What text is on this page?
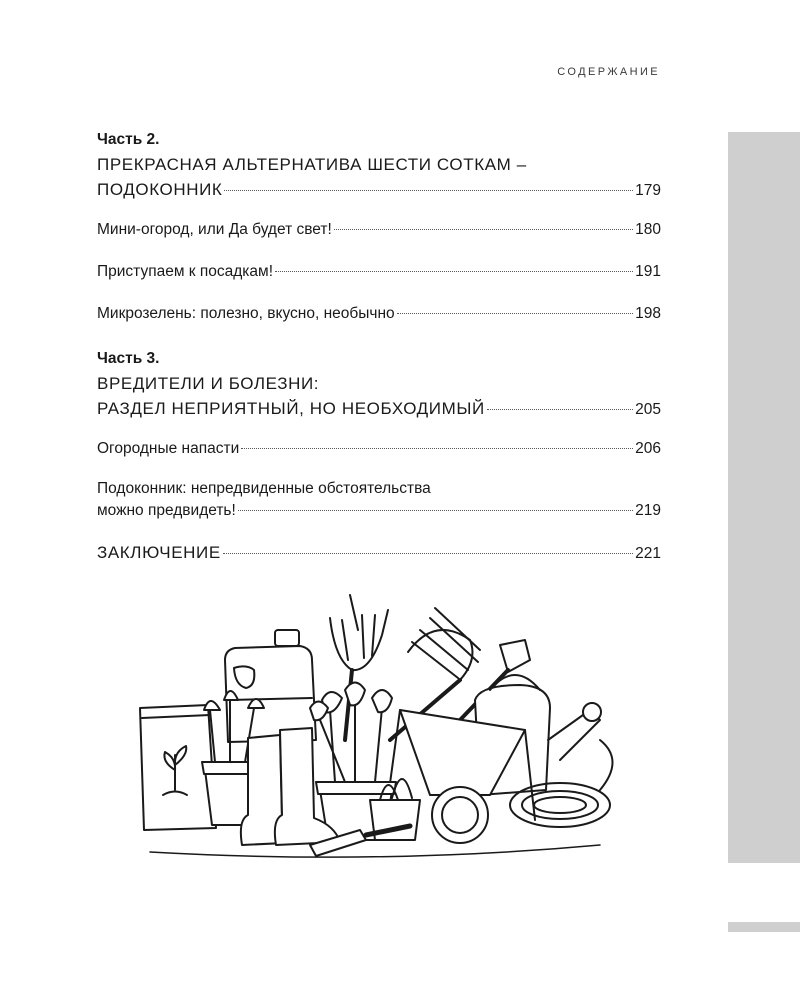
СОДЕРЖАНИЕ
Часть 2.
ПРЕКРАСНАЯ АЛЬТЕРНАТИВА ШЕСТИ СОТКАМ –
ПОДОКОННИК	179
Мини-огород, или Да будет свет!	180
Приступаем к посадкам!	191
Микрозелень: полезно, вкусно, необычно	198
Часть 3.
ВРЕДИТЕЛИ И БОЛЕЗНИ:
РАЗДЕЛ НЕПРИЯТНЫЙ, НО НЕОБХОДИМЫЙ	205
Огородные напасти	206
Подоконник: непредвиденные обстоятельства
можно предвидеть!	219
ЗАКЛЮЧЕНИЕ	221
